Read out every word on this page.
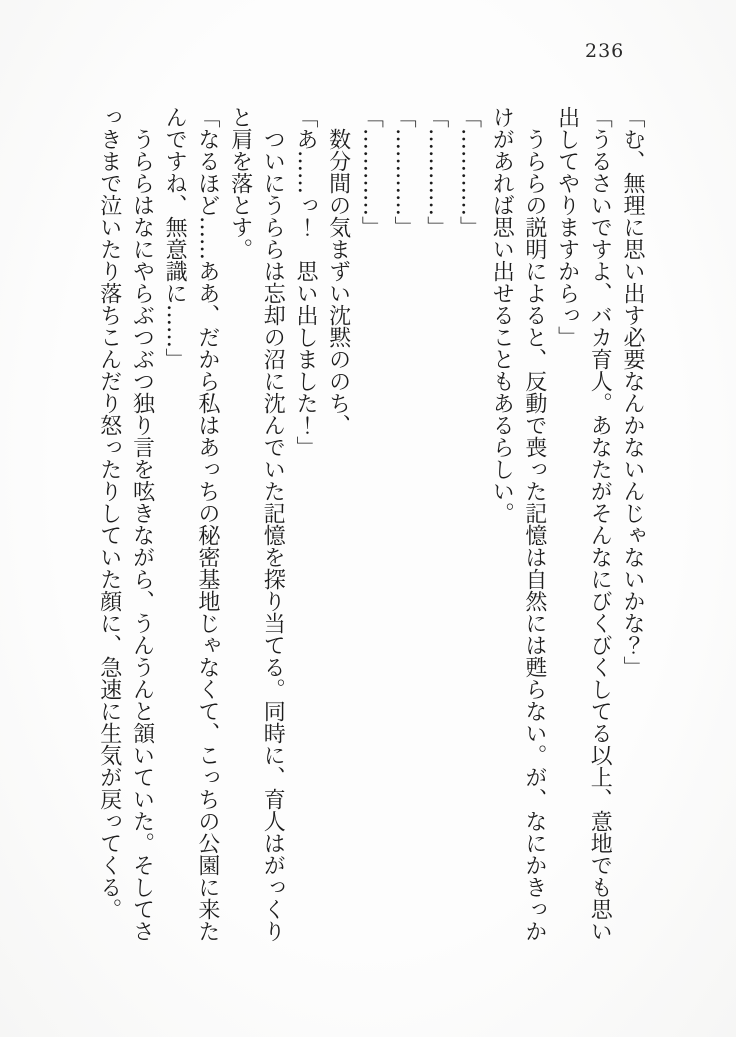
236
「む、無理に思い出す必要なんかないんじゃないかな？」
「うるさいですよ、バカ育人。あなたがそんなにびくびくしてる以上、意地でも思い
出してやりますからっ」
　うららの説明によると、反動で喪った記憶は自然には甦らない。が、なにかきっか
けがあれば思い出せることもあるらしい。
「…………」
「…………」
「…………」
「…………」
　数分間の気まずい沈黙ののち、
「あ……っ！　思い出しました！」
　ついにうららは忘却の沼に沈んでいた記憶を探り当てる。同時に、育人はがっくり
と肩を落とす。
「なるほど……ああ、だから私はあっちの秘密基地じゃなくて、こっちの公園に来た
んですね、無意識に……」
　うららはなにやらぶつぶつ独り言を呟きながら、うんうんと頷いていた。そしてさ
っきまで泣いたり落ちこんだり怒ったりしていた顔に、急速に生気が戻ってくる。
